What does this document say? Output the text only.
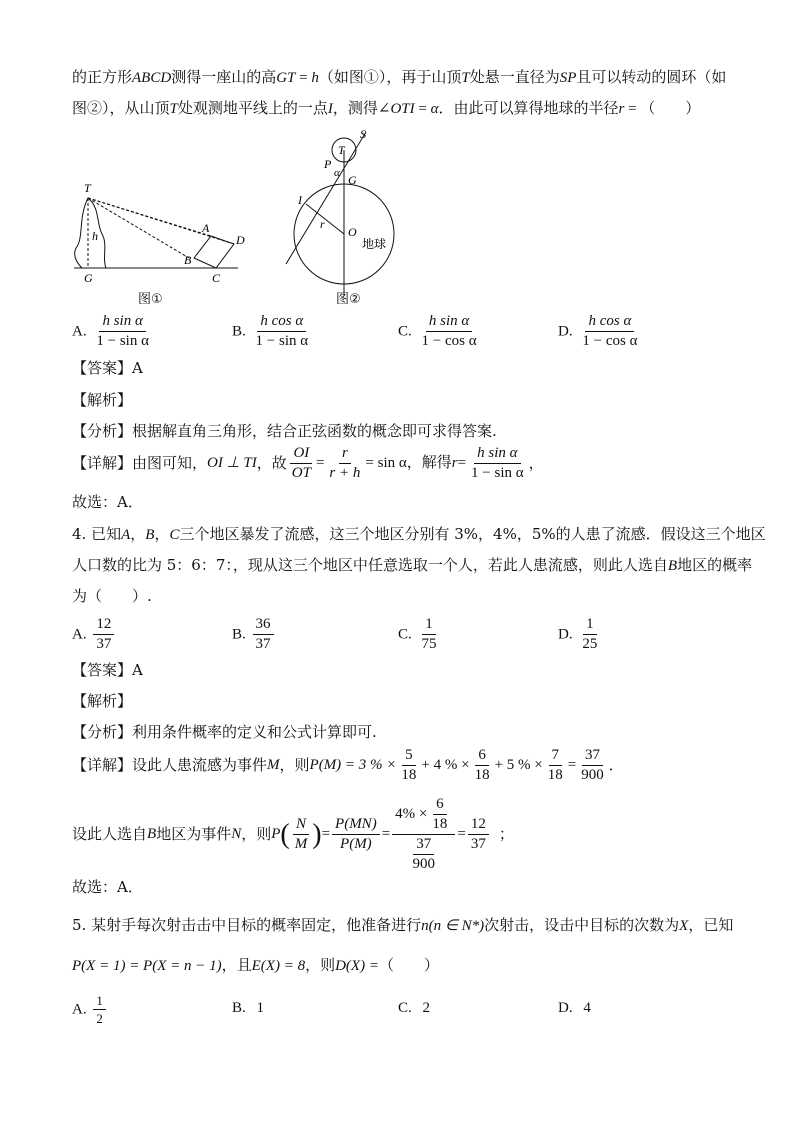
的正方形ABCD测得一座山的高GT = h（如图①），再于山顶T处悬一直径为SP且可以转动的圆环（如
图②），从山顶T处观测地平线上的一点I，测得∠OTI = α．由此可以算得地球的半径r = （　　）
T
h
G
A
B
C
D
图①
S
T
P
α G
I
r
O
地球
图②
A. $\frac{\text{h sin α}}{\text{1 − sin α}}$	B. $\frac{\text{h cos α}}{\text{1 − sin α}}$	C. $\frac{\text{h sin α}}{\text{1 − cos α}}$	D. $\frac{\text{h cos α}}{\text{1 − cos α}}$
【答案】A
【解析】
【分析】根据解直角三角形，结合正弦函数的概念即可求得答案.
【详解】由图可知， OI ⊥ TI ，故 $\frac{OI}{OT} = \frac{r}{r + h} = \sin \alpha$，解得 $r = \frac{\text{h sin α}}{\text{1 − sin α}}$ ，
故选：A．
4. 已知A，B，C三个地区暴发了流感，这三个地区分别有 3%，4%，5%的人患了流感．假设这三个地区
人口数的比为 5：6：7：，现从这三个地区中任意选取一个人，若此人患流感，则此人选自B地区的概率
为（　　）.
A. $\frac{12}{37}$	B. $\frac{36}{37}$	C. $\frac{1}{75}$	D. $\frac{1}{25}$
【答案】A
【解析】
【分析】利用条件概率的定义和公式计算即可.
【详解】设此人患流感为事件 M ，则 P(M) = 3 % × $\frac{5}{18} + 4$ % × $\frac{6}{18} + 5$ % × $\frac{7}{18} = \frac{37}{900}$ ．
设此人选自 B 地区为事件 N ，则 P ( $\frac{N}{M}$ ) = $\frac{P(MN)}{P(M)} = \frac{4\% \times \frac{6}{18}}{\frac{37}{900}} = \frac{12}{37}$ ；
故选：A．
5. 某射手每次射击击中目标的概率固定，他准备进行n(n ∈ N*)次射击，设击中目标的次数为X，已知
P(X = 1) = P(X = n − 1)，且E(X) = 8，则D(X) =（　　）
A. $\frac{1}{2}$	B. 1	C. 2	D. 4
